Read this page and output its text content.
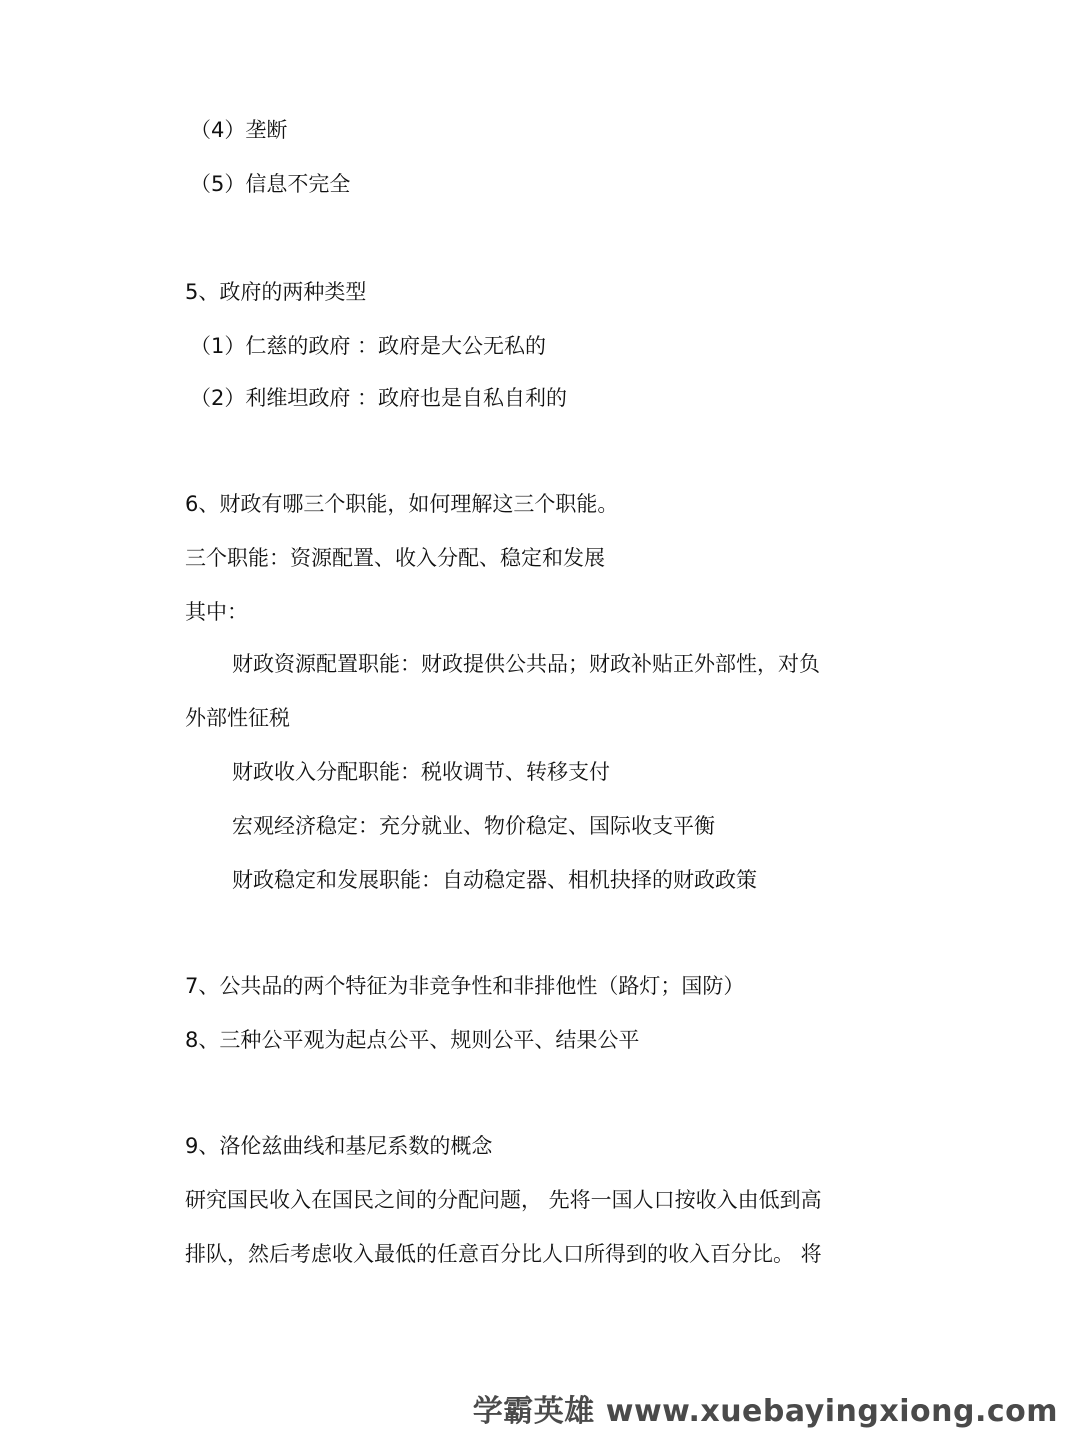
（4）垄断
（5）信息不完全
5、政府的两种类型
（1）仁慈的政府 ：政府是大公无私的
（2）利维坦政府 ：政府也是自私自利的
6、财政有哪三个职能，如何理解这三个职能。
三个职能：资源配置、收入分配、稳定和发展
其中：
财政资源配置职能：财政提供公共品；财政补贴正外部性，对负
外部性征税
财政收入分配职能：税收调节、转移支付
宏观经济稳定：充分就业、物价稳定、国际收支平衡
财政稳定和发展职能：自动稳定器、相机抉择的财政政策
7、公共品的两个特征为非竞争性和非排他性（路灯；国防）
8、三种公平观为起点公平、规则公平、结果公平
9、洛伦兹曲线和基尼系数的概念
研究国民收入在国民之间的分配问题， 先将一国人口按收入由低到高
排队，然后考虑收入最低的任意百分比人口所得到的收入百分比。 将
学霸英雄 www.xuebayingxiong.com
